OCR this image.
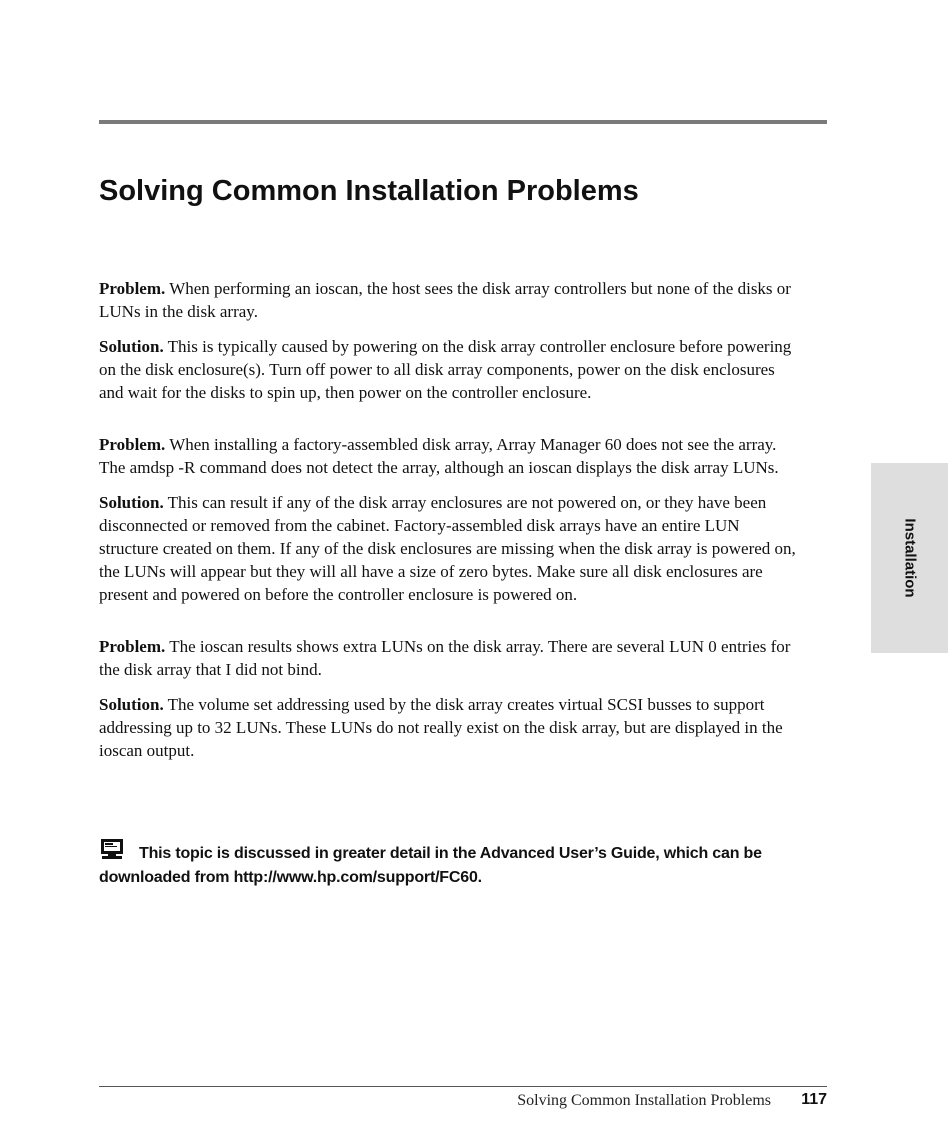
Solving Common Installation Problems

Problem. When performing an ioscan, the host sees the disk array controllers but none of the disks or LUNs in the disk array.

Solution. This is typically caused by powering on the disk array controller enclosure before powering on the disk enclosure(s). Turn off power to all disk array components, power on the disk enclosures and wait for the disks to spin up, then power on the controller enclosure.

Problem. When installing a factory-assembled disk array, Array Manager 60 does not see the array. The amdsp -R command does not detect the array, although an ioscan displays the disk array LUNs.

Solution. This can result if any of the disk array enclosures are not powered on, or they have been disconnected or removed from the cabinet. Factory-assembled disk arrays have an entire LUN structure created on them. If any of the disk enclosures are missing when the disk array is powered on, the LUNs will appear but they will all have a size of zero bytes. Make sure all disk enclosures are present and powered on before the controller enclosure is powered on.

Problem. The ioscan results shows extra LUNs on the disk array. There are several LUN 0 entries for the disk array that I did not bind.

Solution. The volume set addressing used by the disk array creates virtual SCSI busses to support addressing up to 32 LUNs. These LUNs do not really exist on the disk array, but are displayed in the ioscan output.

This topic is discussed in greater detail in the Advanced User’s Guide, which can be downloaded from http://www.hp.com/support/FC60.
Installation
Solving Common Installation Problems 117
